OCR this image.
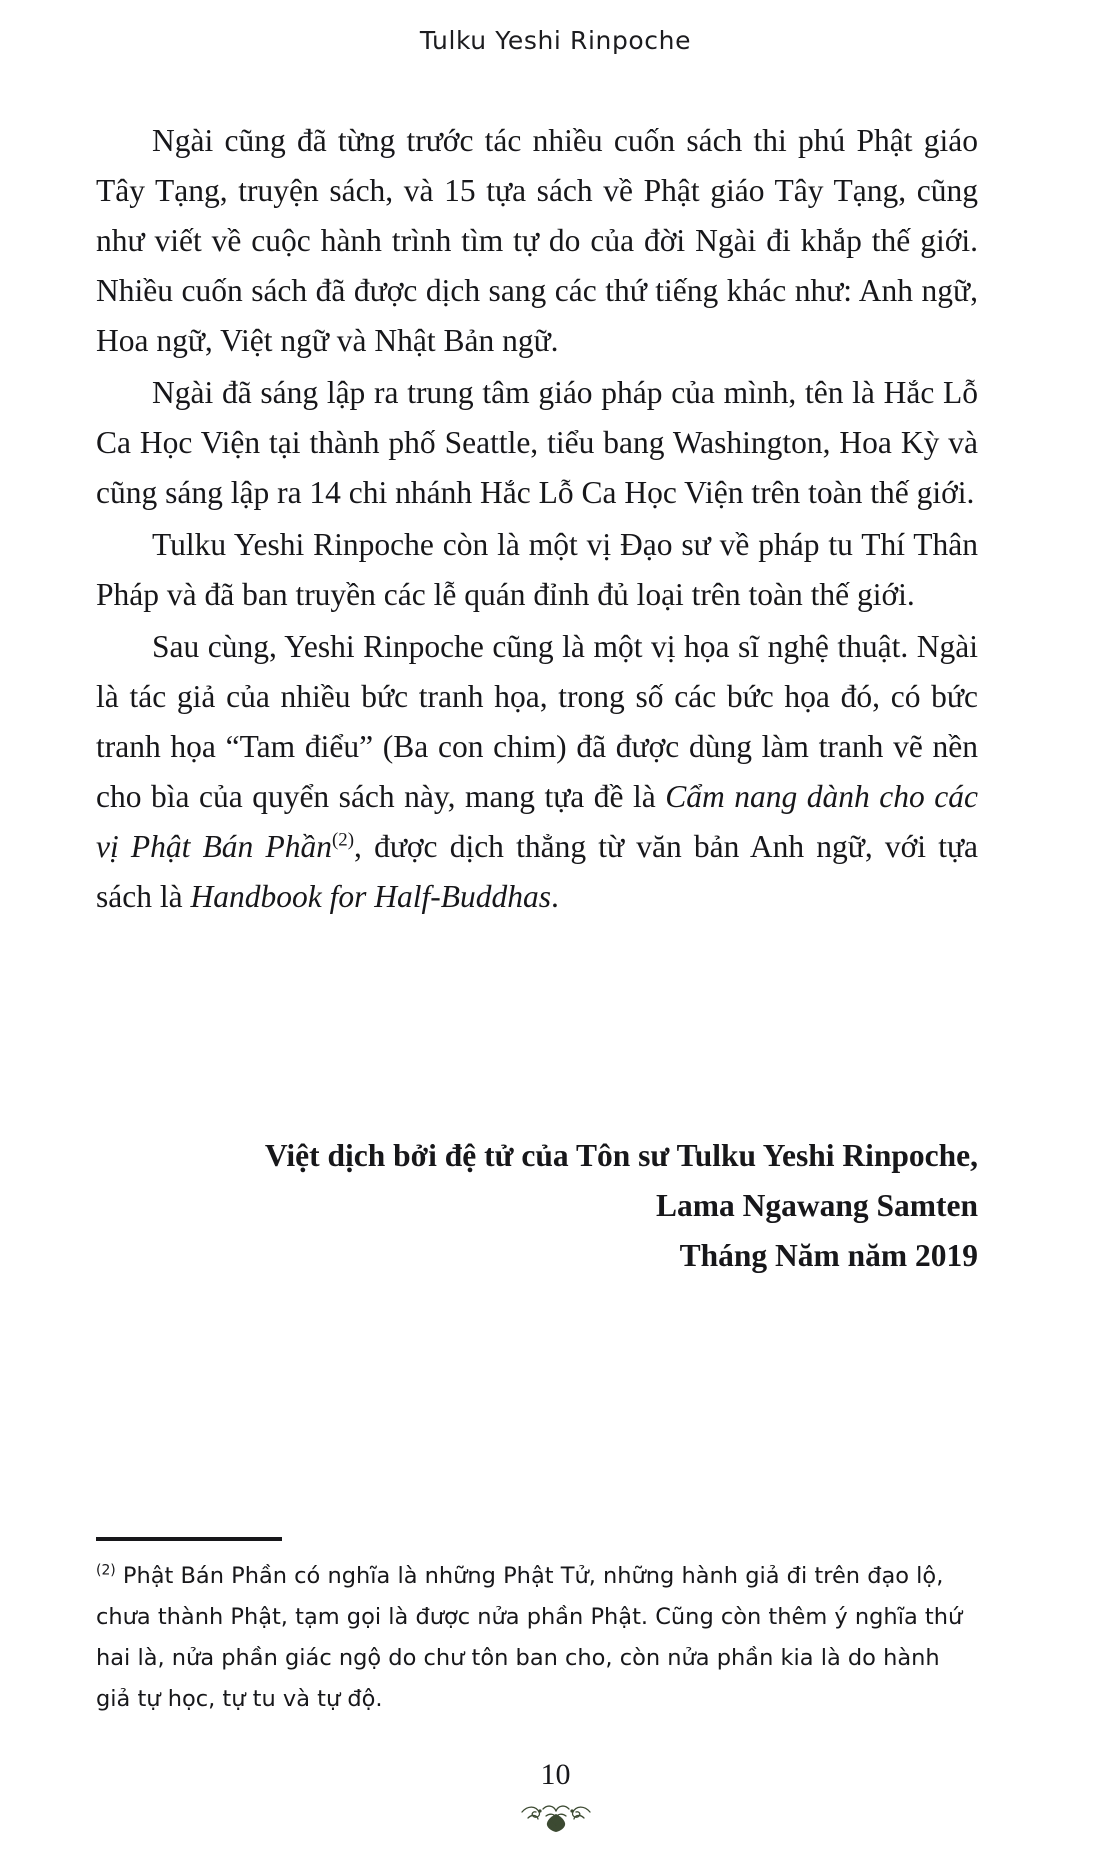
Tulku Yeshi Rinpoche

Ngài cũng đã từng trước tác nhiều cuốn sách thi phú Phật giáo Tây Tạng, truyện sách, và 15 tựa sách về Phật giáo Tây Tạng, cũng như viết về cuộc hành trình tìm tự do của đời Ngài đi khắp thế giới. Nhiều cuốn sách đã được dịch sang các thứ tiếng khác như: Anh ngữ, Hoa ngữ, Việt ngữ và Nhật Bản ngữ.

Ngài đã sáng lập ra trung tâm giáo pháp của mình, tên là Hắc Lỗ Ca Học Viện tại thành phố Seattle, tiểu bang Washington, Hoa Kỳ và cũng sáng lập ra 14 chi nhánh Hắc Lỗ Ca Học Viện trên toàn thế giới.

Tulku Yeshi Rinpoche còn là một vị Đạo sư về pháp tu Thí Thân Pháp và đã ban truyền các lễ quán đỉnh đủ loại trên toàn thế giới.

Sau cùng, Yeshi Rinpoche cũng là một vị họa sĩ nghệ thuật. Ngài là tác giả của nhiều bức tranh họa, trong số các bức họa đó, có bức tranh họa “Tam điểu” (Ba con chim) đã được dùng làm tranh vẽ nền cho bìa của quyển sách này, mang tựa đề là Cẩm nang dành cho các vị Phật Bán Phần$^{(2)}$, được dịch thẳng từ văn bản Anh ngữ, với tựa sách là Handbook for Half-Buddhas.

Việt dịch bởi đệ tử của Tôn sư Tulku Yeshi Rinpoche,
Lama Ngawang Samten
Tháng Năm năm 2019
$^{(2)}$ Phật Bán Phần có nghĩa là những Phật Tử, những hành giả đi trên đạo lộ, chưa thành Phật, tạm gọi là được nửa phần Phật. Cũng còn thêm ý nghĩa thứ hai là, nửa phần giác ngộ do chư tôn ban cho, còn nửa phần kia là do hành giả tự học, tự tu và tự độ.
10
